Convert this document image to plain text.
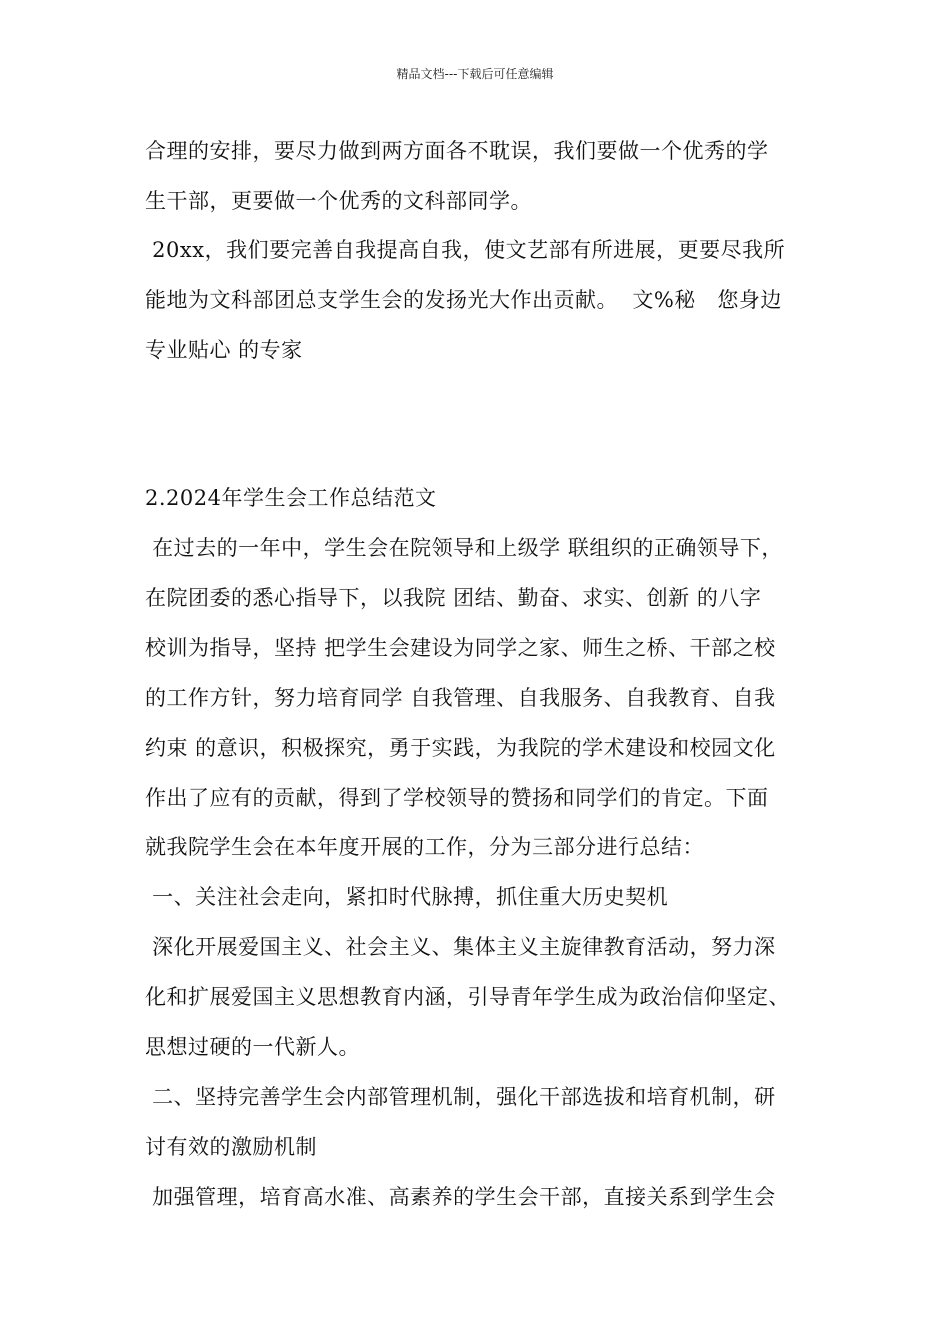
精品文档---下载后可任意编辑
合理的安排，要尽力做到两方面各不耽误，我们要做一个优秀的学
生干部，更要做一个优秀的文科部同学。
20xx，我们要完善自我提高自我，使文艺部有所进展，更要尽我所
能地为文科部团总支学生会的发扬光大作出贡献。  文%秘   您身边
专业贴心 的专家
2.2024年学生会工作总结范文
在过去的一年中，学生会在院领导和上级学 联组织的正确领导下，
在院团委的悉心指导下，以我院 团结、勤奋、求实、创新 的八字
校训为指导，坚持 把学生会建设为同学之家、师生之桥、干部之校
的工作方针，努力培育同学 自我管理、自我服务、自我教育、自我
约束 的意识，积极探究，勇于实践，为我院的学术建设和校园文化
作出了应有的贡献，得到了学校领导的赞扬和同学们的肯定。下面
就我院学生会在本年度开展的工作，分为三部分进行总结：
一、关注社会走向，紧扣时代脉搏，抓住重大历史契机
深化开展爱国主义、社会主义、集体主义主旋律教育活动，努力深
化和扩展爱国主义思想教育内涵，引导青年学生成为政治信仰坚定、
思想过硬的一代新人。
二、坚持完善学生会内部管理机制，强化干部选拔和培育机制，研
讨有效的激励机制
加强管理，培育高水准、高素养的学生会干部，直接关系到学生会
